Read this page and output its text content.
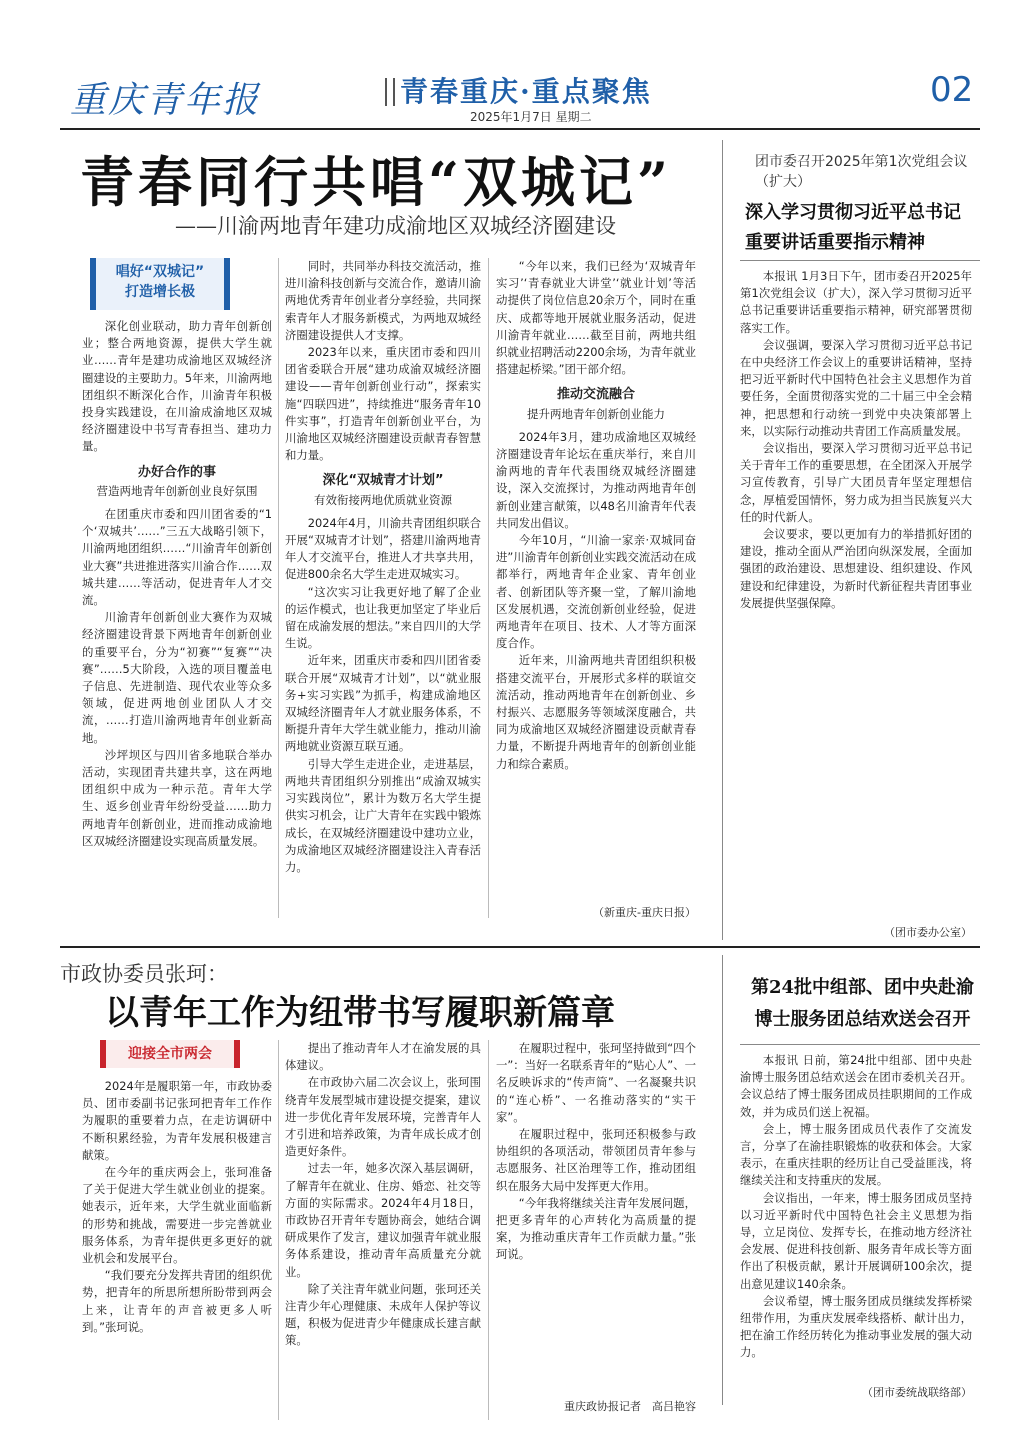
重庆青年报	青春重庆·重点聚焦	02
2025年1月7日 星期二
青春同行共唱“双城记”
——川渝两地青年建功成渝地区双城经济圈建设
唱好“双城记”
打造增长极

深化创业联动，助力青年创新创业；整合两地资源，提供大学生就业……青年是建功成渝地区双城经济圈建设的主要助力。5年来，川渝两地团组织不断深化合作，川渝青年积极投身实践建设，在川渝成渝地区双城经济圈建设中书写青春担当、建功力量。

办好合作的事
营造两地青年创新创业良好氛围

在团重庆市委和四川团省委的“1个‘双城共’……”三五大战略引领下，川渝两地团组织……“川渝青年创新创业大赛”共进推进落实川渝合作……双城共建……等活动，促进青年人才交流。

川渝青年创新创业大赛作为双城经济圈建设背景下两地青年创新创业的重要平台，分为“初赛”“复赛”“决赛”……5大阶段，入选的项目覆盖电子信息、先进制造、现代农业等众多领域，促进两地创业团队人才交流，……打造川渝两地青年创业新高地。

沙坪坝区与四川省多地联合举办活动，实现团青共建共享，这在两地团组织中成为一种示范。青年大学生、返乡创业青年纷纷受益……助力两地青年创新创业，进而推动成渝地区双城经济圈建设实现高质量发展。

同时，共同举办科技交流活动，推进川渝科技创新与交流合作，邀请川渝两地优秀青年创业者分享经验，共同探索青年人才服务新模式，为两地双城经济圈建设提供人才支撑。

2023年以来，重庆团市委和四川团省委联合开展“建功成渝双城经济圈建设——青年创新创业行动”，探索实施“四联四进”，持续推进“服务青年10件实事”，打造青年创新创业平台，为川渝地区双城经济圈建设贡献青春智慧和力量。

深化“双城青才计划”
有效衔接两地优质就业资源

2024年4月，川渝共青团组织联合开展“双城青才计划”，搭建川渝两地青年人才交流平台，推进人才共享共用，促进800余名大学生走进双城实习。

“这次实习让我更好地了解了企业的运作模式，也让我更加坚定了毕业后留在成渝发展的想法。”来自四川的大学生说。

近年来，团重庆市委和四川团省委联合开展“双城青才计划”，以“就业服务+实习实践”为抓手，构建成渝地区双城经济圈青年人才就业服务体系，不断提升青年大学生就业能力，推动川渝两地就业资源互联互通。

引导大学生走进企业，走进基层，两地共青团组织分别推出“成渝双城实习实践岗位”，累计为数万名大学生提供实习机会，让广大青年在实践中锻炼成长，在双城经济圈建设中建功立业，为成渝地区双城经济圈建设注入青春活力。

“今年以来，我们已经为‘双城青年实习’‘青春就业大讲堂’‘就业计划’等活动提供了岗位信息20余万个，同时在重庆、成都等地开展就业服务活动，促进川渝青年就业……截至目前，两地共组织就业招聘活动2200余场，为青年就业搭建起桥梁。”团干部介绍。

推动交流融合
提升两地青年创新创业能力

2024年3月，建功成渝地区双城经济圈建设青年论坛在重庆举行，来自川渝两地的青年代表围绕双城经济圈建设，深入交流探讨，为推动两地青年创新创业建言献策，以48名川渝青年代表共同发出倡议。

今年10月，“川渝一家亲·双城同奋进”川渝青年创新创业实践交流活动在成都举行，两地青年企业家、青年创业者、创新团队等齐聚一堂，了解川渝地区发展机遇，交流创新创业经验，促进两地青年在项目、技术、人才等方面深度合作。

近年来，川渝两地共青团组织积极搭建交流平台，开展形式多样的联谊交流活动，推动两地青年在创新创业、乡村振兴、志愿服务等领域深度融合，共同为成渝地区双城经济圈建设贡献青春力量，不断提升两地青年的创新创业能力和综合素质。

（新重庆-重庆日报）
团市委召开2025年第1次党组会议（扩大）
深入学习贯彻习近平总书记
重要讲话重要指示精神

本报讯 1月3日下午，团市委召开2025年第1次党组会议（扩大），深入学习贯彻习近平总书记重要讲话重要指示精神，研究部署贯彻落实工作。

会议强调，要深入学习贯彻习近平总书记在中央经济工作会议上的重要讲话精神，坚持把习近平新时代中国特色社会主义思想作为首要任务，全面贯彻落实党的二十届三中全会精神，把思想和行动统一到党中央决策部署上来，以实际行动推动共青团工作高质量发展。

会议指出，要深入学习贯彻习近平总书记关于青年工作的重要思想，在全团深入开展学习宣传教育，引导广大团员青年坚定理想信念，厚植爱国情怀，努力成为担当民族复兴大任的时代新人。

会议要求，要以更加有力的举措抓好团的建设，推动全面从严治团向纵深发展，全面加强团的政治建设、思想建设、组织建设、作风建设和纪律建设，为新时代新征程共青团事业发展提供坚强保障。

（团市委办公室）
市政协委员张珂：
以青年工作为纽带书写履职新篇章
迎接全市两会

2024年是履职第一年，市政协委员、团市委副书记张珂把青年工作作为履职的重要着力点，在走访调研中不断积累经验，为青年发展积极建言献策。

在今年的重庆两会上，张珂准备了关于促进大学生就业创业的提案。她表示，近年来，大学生就业面临新的形势和挑战，需要进一步完善就业服务体系，为青年提供更多更好的就业机会和发展平台。

“我们要充分发挥共青团的组织优势，把青年的所思所想所盼带到两会上来，让青年的声音被更多人听到。”张珂说。

提出了推动青年人才在渝发展的具体建议。

在市政协六届二次会议上，张珂围绕青年发展型城市建设提交提案，建议进一步优化青年发展环境，完善青年人才引进和培养政策，为青年成长成才创造更好条件。

过去一年，她多次深入基层调研，了解青年在就业、住房、婚恋、社交等方面的实际需求。2024年4月18日，市政协召开青年专题协商会，她结合调研成果作了发言，建议加强青年就业服务体系建设，推动青年高质量充分就业。

除了关注青年就业问题，张珂还关注青少年心理健康、未成年人保护等议题，积极为促进青少年健康成长建言献策。

在履职过程中，张珂坚持做到“四个一”：当好一名联系青年的“贴心人”、一名反映诉求的“传声筒”、一名凝聚共识的“连心桥”、一名推动落实的“实干家”。

在履职过程中，张珂还积极参与政协组织的各项活动，带领团员青年参与志愿服务、社区治理等工作，推动团组织在服务大局中发挥更大作用。

“今年我将继续关注青年发展问题，把更多青年的心声转化为高质量的提案，为推动重庆青年工作贡献力量。”张珂说。

重庆政协报记者　高吕艳容
第24批中组部、团中央赴渝
博士服务团总结欢送会召开

本报讯 日前，第24批中组部、团中央赴渝博士服务团总结欢送会在团市委机关召开。会议总结了博士服务团成员挂职期间的工作成效，并为成员们送上祝福。

会上，博士服务团成员代表作了交流发言，分享了在渝挂职锻炼的收获和体会。大家表示，在重庆挂职的经历让自己受益匪浅，将继续关注和支持重庆的发展。

会议指出，一年来，博士服务团成员坚持以习近平新时代中国特色社会主义思想为指导，立足岗位、发挥专长，在推动地方经济社会发展、促进科技创新、服务青年成长等方面作出了积极贡献，累计开展调研100余次，提出意见建议140余条。

会议希望，博士服务团成员继续发挥桥梁纽带作用，为重庆发展牵线搭桥、献计出力，把在渝工作经历转化为推动事业发展的强大动力。

（团市委统战联络部）
